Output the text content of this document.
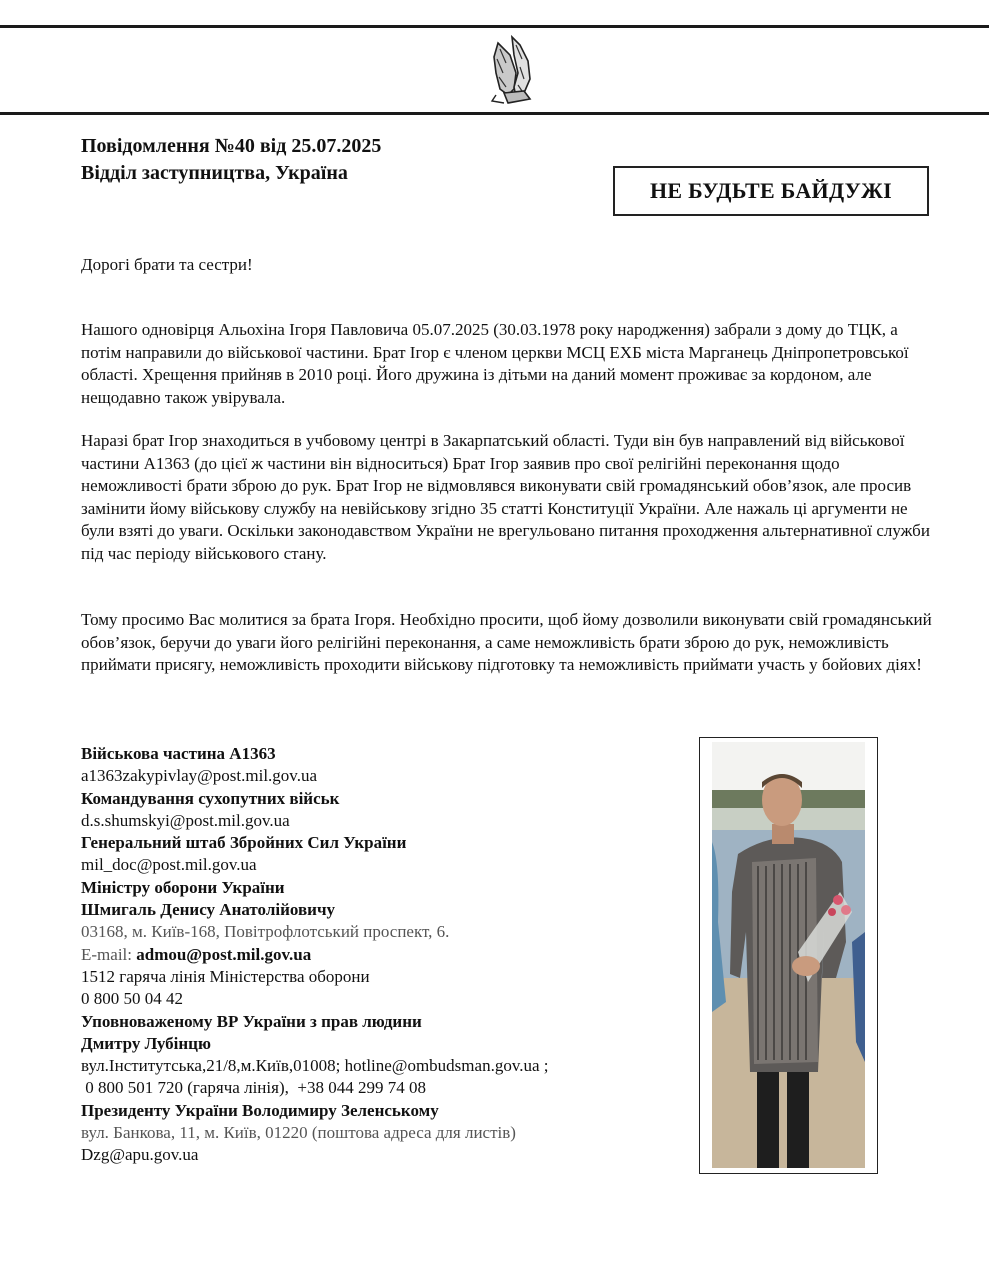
Повідомлення №40 від 25.07.2025
Відділ заступництва, Україна
НЕ БУДЬТЕ БАЙДУЖІ
Дорогі брати та сестри!
Нашого одновірця Альохіна Ігоря Павловича 05.07.2025 (30.03.1978 року народження) забрали з дому до ТЦК, а потім направили до військової частини. Брат Ігор є членом церкви МСЦ ЕХБ міста Марганець Дніпропетровської області. Хрещення прийняв в 2010 році. Його дружина із дітьми на даний момент проживає за кордоном, але нещодавно також увірувала.
Наразі брат Ігор знаходиться в учбовому центрі в Закарпатський області. Туди він був направлений від військової частини А1363 (до цієї ж частини він відноситься) Брат Ігор заявив про свої релігійні переконання щодо неможливості брати зброю до рук. Брат Ігор не відмовлявся виконувати свій громадянський обов’язок, але просив замінити йому військову службу на невійськову згідно 35 статті Конституції України. Але нажаль ці аргументи не були взяті до уваги. Оскільки законодавством України не врегульовано питання проходження альтернативної служби під час періоду військового стану.
Тому просимо Вас молитися за брата Ігоря. Необхідно просити, щоб йому дозволили виконувати свій громадянський обов’язок, беручи до уваги його релігійні переконання, а саме неможливість брати зброю до рук, неможливість приймати присягу, неможливість проходити військову підготовку та неможливість приймати участь у бойових діях!
Військова частина А1363
a1363zakypivlay@post.mil.gov.ua
Командування сухопутних військ
d.s.shumskyi@post.mil.gov.ua
Генеральний штаб Збройних Сил України
mil_doc@post.mil.gov.ua
Міністру оборони України
Шмигаль Денису Анатолійовичу
03168, м. Київ-168, Повітрофлотський проспект, 6.
E-mail: admou@post.mil.gov.ua
1512 гаряча лінія Міністерства оборони
0 800 50 04 42
Уповноваженому ВР України з прав людини
Дмитру Лубінцю
вул.Інститутська,21/8,м.Київ,01008; hotline@ombudsman.gov.ua ;
0 800 501 720 (гаряча лінія),  +38 044 299 74 08
Президенту України Володимиру Зеленському
вул. Банкова, 11, м. Київ, 01220 (поштова адреса для листів)
Dzg@apu.gov.ua
